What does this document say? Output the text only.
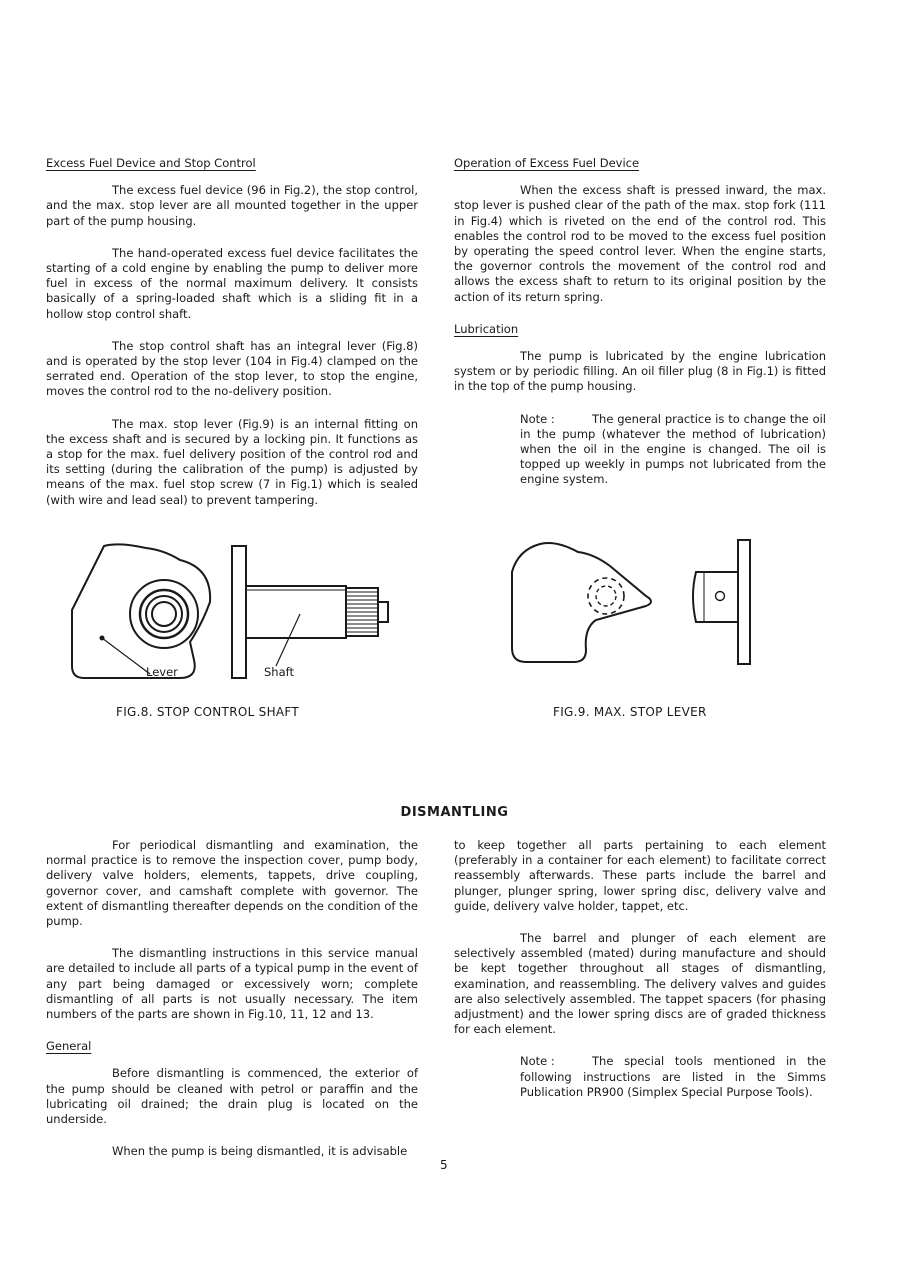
Excess Fuel Device and Stop Control

The excess fuel device (96 in Fig.2), the stop control, and the max. stop lever are all mounted together in the upper part of the pump housing.

The hand-operated excess fuel device facilitates the starting of a cold engine by enabling the pump to deliver more fuel in excess of the normal maximum delivery. It consists basically of a spring-loaded shaft which is a sliding fit in a hollow stop control shaft.

The stop control shaft has an integral lever (Fig.8) and is operated by the stop lever (104 in Fig.4) clamped on the serrated end. Operation of the stop lever, to stop the engine, moves the control rod to the no-delivery position.

The max. stop lever (Fig.9) is an internal fitting on the excess shaft and is secured by a locking pin. It functions as a stop for the max. fuel delivery position of the control rod and its setting (during the calibration of the pump) is adjusted by means of the max. fuel stop screw (7 in Fig.1) which is sealed (with wire and lead seal) to prevent tampering.

Operation of Excess Fuel Device

When the excess shaft is pressed inward, the max. stop lever is pushed clear of the path of the max. stop fork (111 in Fig.4) which is riveted on the end of the control rod. This enables the control rod to be moved to the excess fuel position by operating the speed control lever. When the engine starts, the governor controls the movement of the control rod and allows the excess shaft to return to its original position by the action of its return spring.

Lubrication

The pump is lubricated by the engine lubrication system or by periodic filling. An oil filler plug (8 in Fig.1) is fitted in the top of the pump housing.

Note :	The general practice is to change the oil in the pump (whatever the method of lubrication) when the oil in the engine is changed. The oil is topped up weekly in pumps not lubricated from the engine system.
Lever	Shaft
FIG.8. STOP CONTROL SHAFT	FIG.9. MAX. STOP LEVER
DISMANTLING

For periodical dismantling and examination, the normal practice is to remove the inspection cover, pump body, delivery valve holders, elements, tappets, drive coupling, governor cover, and camshaft complete with governor. The extent of dismantling thereafter depends on the condition of the pump.

The dismantling instructions in this service manual are detailed to include all parts of a typical pump in the event of any part being damaged or excessively worn; complete dismantling of all parts is not usually necessary. The item numbers of the parts are shown in Fig.10, 11, 12 and 13.

General

Before dismantling is commenced, the exterior of the pump should be cleaned with petrol or paraffin and the lubricating oil drained; the drain plug is located on the underside.

When the pump is being dismantled, it is advisable

to keep together all parts pertaining to each element (preferably in a container for each element) to facilitate correct reassembly afterwards. These parts include the barrel and plunger, plunger spring, lower spring disc, delivery valve and guide, delivery valve holder, tappet, etc.

The barrel and plunger of each element are selectively assembled (mated) during manufacture and should be kept together throughout all stages of dismantling, examination, and reassembling. The delivery valves and guides are also selectively assembled. The tappet spacers (for phasing adjustment) and the lower spring discs are of graded thickness for each element.

Note :	The special tools mentioned in the following instructions are listed in the Simms Publication PR900 (Simplex Special Purpose Tools).
5
